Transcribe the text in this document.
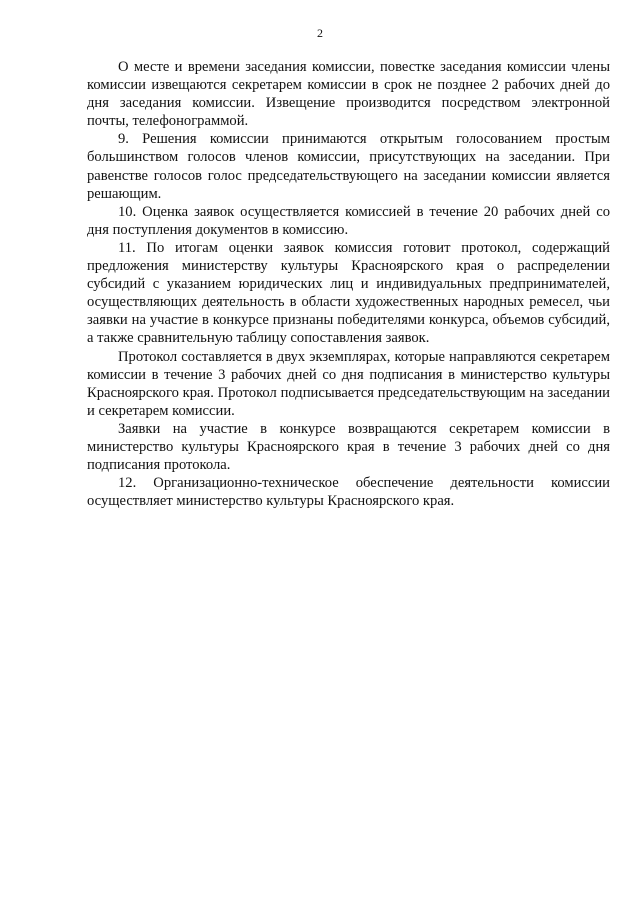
2

О месте и времени заседания комиссии, повестке заседания комиссии члены комиссии извещаются секретарем комиссии в срок не позднее 2 рабочих дней до дня заседания комиссии. Извещение производится посредством электронной почты, телефонограммой.

9. Решения комиссии принимаются открытым голосованием простым большинством голосов членов комиссии, присутствующих на заседании. При равенстве голосов голос председательствующего на заседании комиссии является решающим.

10. Оценка заявок осуществляется комиссией в течение 20 рабочих дней со дня поступления документов в комиссию.

11. По итогам оценки заявок комиссия готовит протокол, содержащий предложения министерству культуры Красноярского края о распределении субсидий с указанием юридических лиц и индивидуальных предпринимателей, осуществляющих деятельность в области художественных народных ремесел, чьи заявки на участие в конкурсе признаны победителями конкурса, объемов субсидий, а также сравнительную таблицу сопоставления заявок.

Протокол составляется в двух экземплярах, которые направляются секретарем комиссии в течение 3 рабочих дней со дня подписания в министерство культуры Красноярского края. Протокол подписывается председательствующим на заседании и секретарем комиссии.

Заявки на участие в конкурсе возвращаются секретарем комиссии в министерство культуры Красноярского края в течение 3 рабочих дней со дня подписания протокола.

12. Организационно-техническое обеспечение деятельности комиссии осуществляет министерство культуры Красноярского края.
